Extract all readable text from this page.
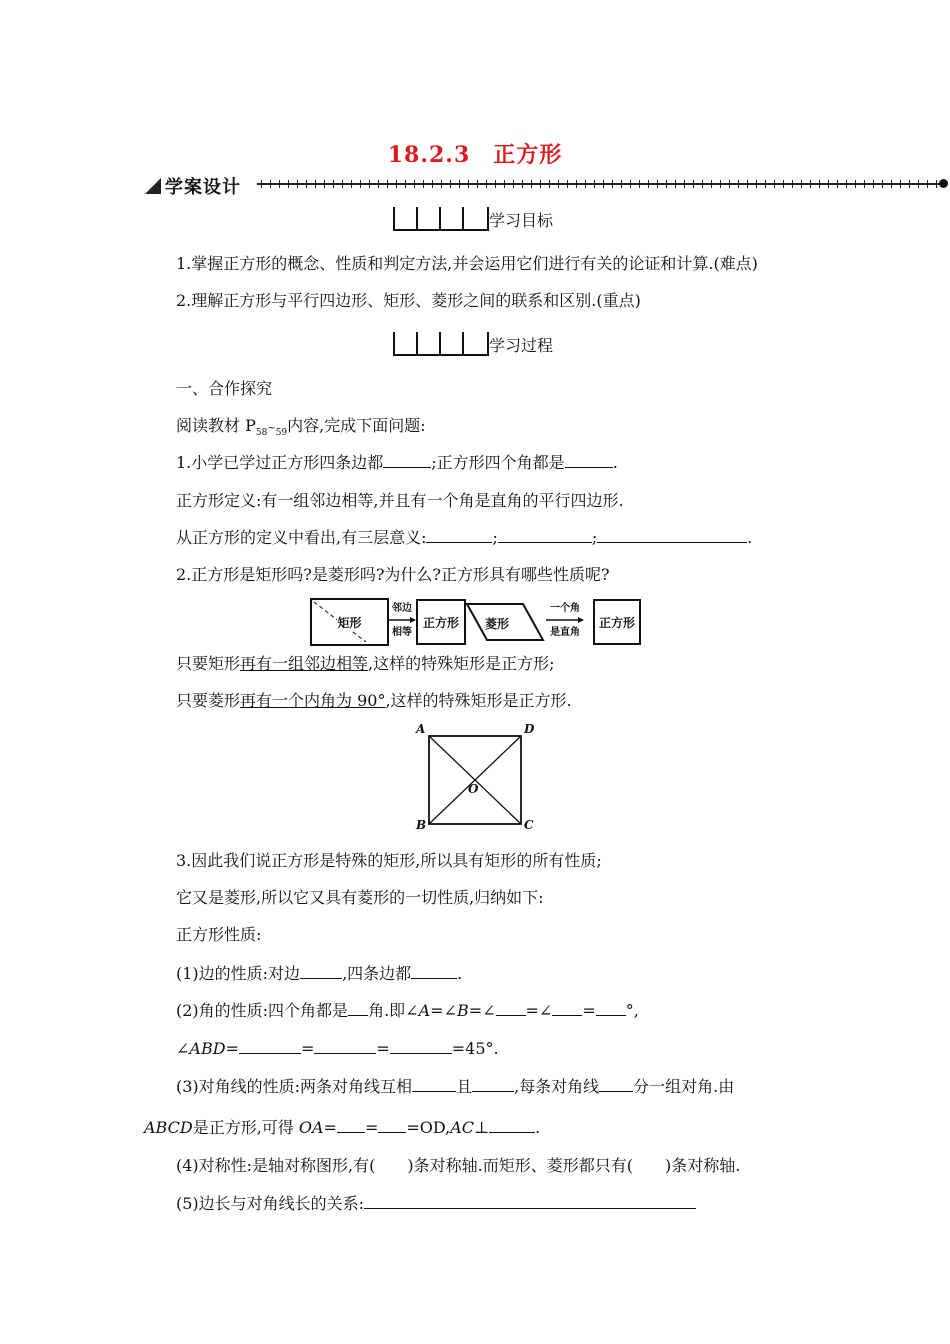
18.2.3　正方形
学案设计
学习目标
1.掌握正方形的概念、性质和判定方法,并会运用它们进行有关的论证和计算.(难点)
2.理解正方形与平行四边形、矩形、菱形之间的联系和区别.(重点)
学习过程
一、合作探究
阅读教材 $P_{58}\sim_{59}$内容,完成下面问题:
1.小学已学过正方形四条边都	;正方形四个角都是	.
正方形定义:有一组邻边相等,并且有一个角是直角的平行四边形.
从正方形的定义中看出,有三层意义:	;	;	.
2.正方形是矩形吗?是菱形吗?为什么?正方形具有哪些性质呢?
矩形
邻边
相等
正方形	菱形
一个角
是直角
正方形
只要矩形再有一组邻边相等,这样的特殊矩形是正方形;
只要菱形再有一个内角为 90°,这样的特殊矩形是正方形.
A	D
B	C
O
3.因此我们说正方形是特殊的矩形,所以具有矩形的所有性质;
它又是菱形,所以它又具有菱形的一切性质,归纳如下:
正方形性质:
(1)边的性质:对边	,四条边都	.
(2)角的性质:四个角都是 角.即∠A=∠B=∠ =∠ = °,
∠ABD=	=	=	=45°.
(3)对角线的性质:两条对角线互相	且	,每条对角线 分一组对角.由
ABCD是正方形,可得 OA= = =OD,AC⊥	.
(4)对称性:是轴对称图形,有(　　)条对称轴.而矩形、菱形都只有(　　)条对称轴.
(5)边长与对角线长的关系:
